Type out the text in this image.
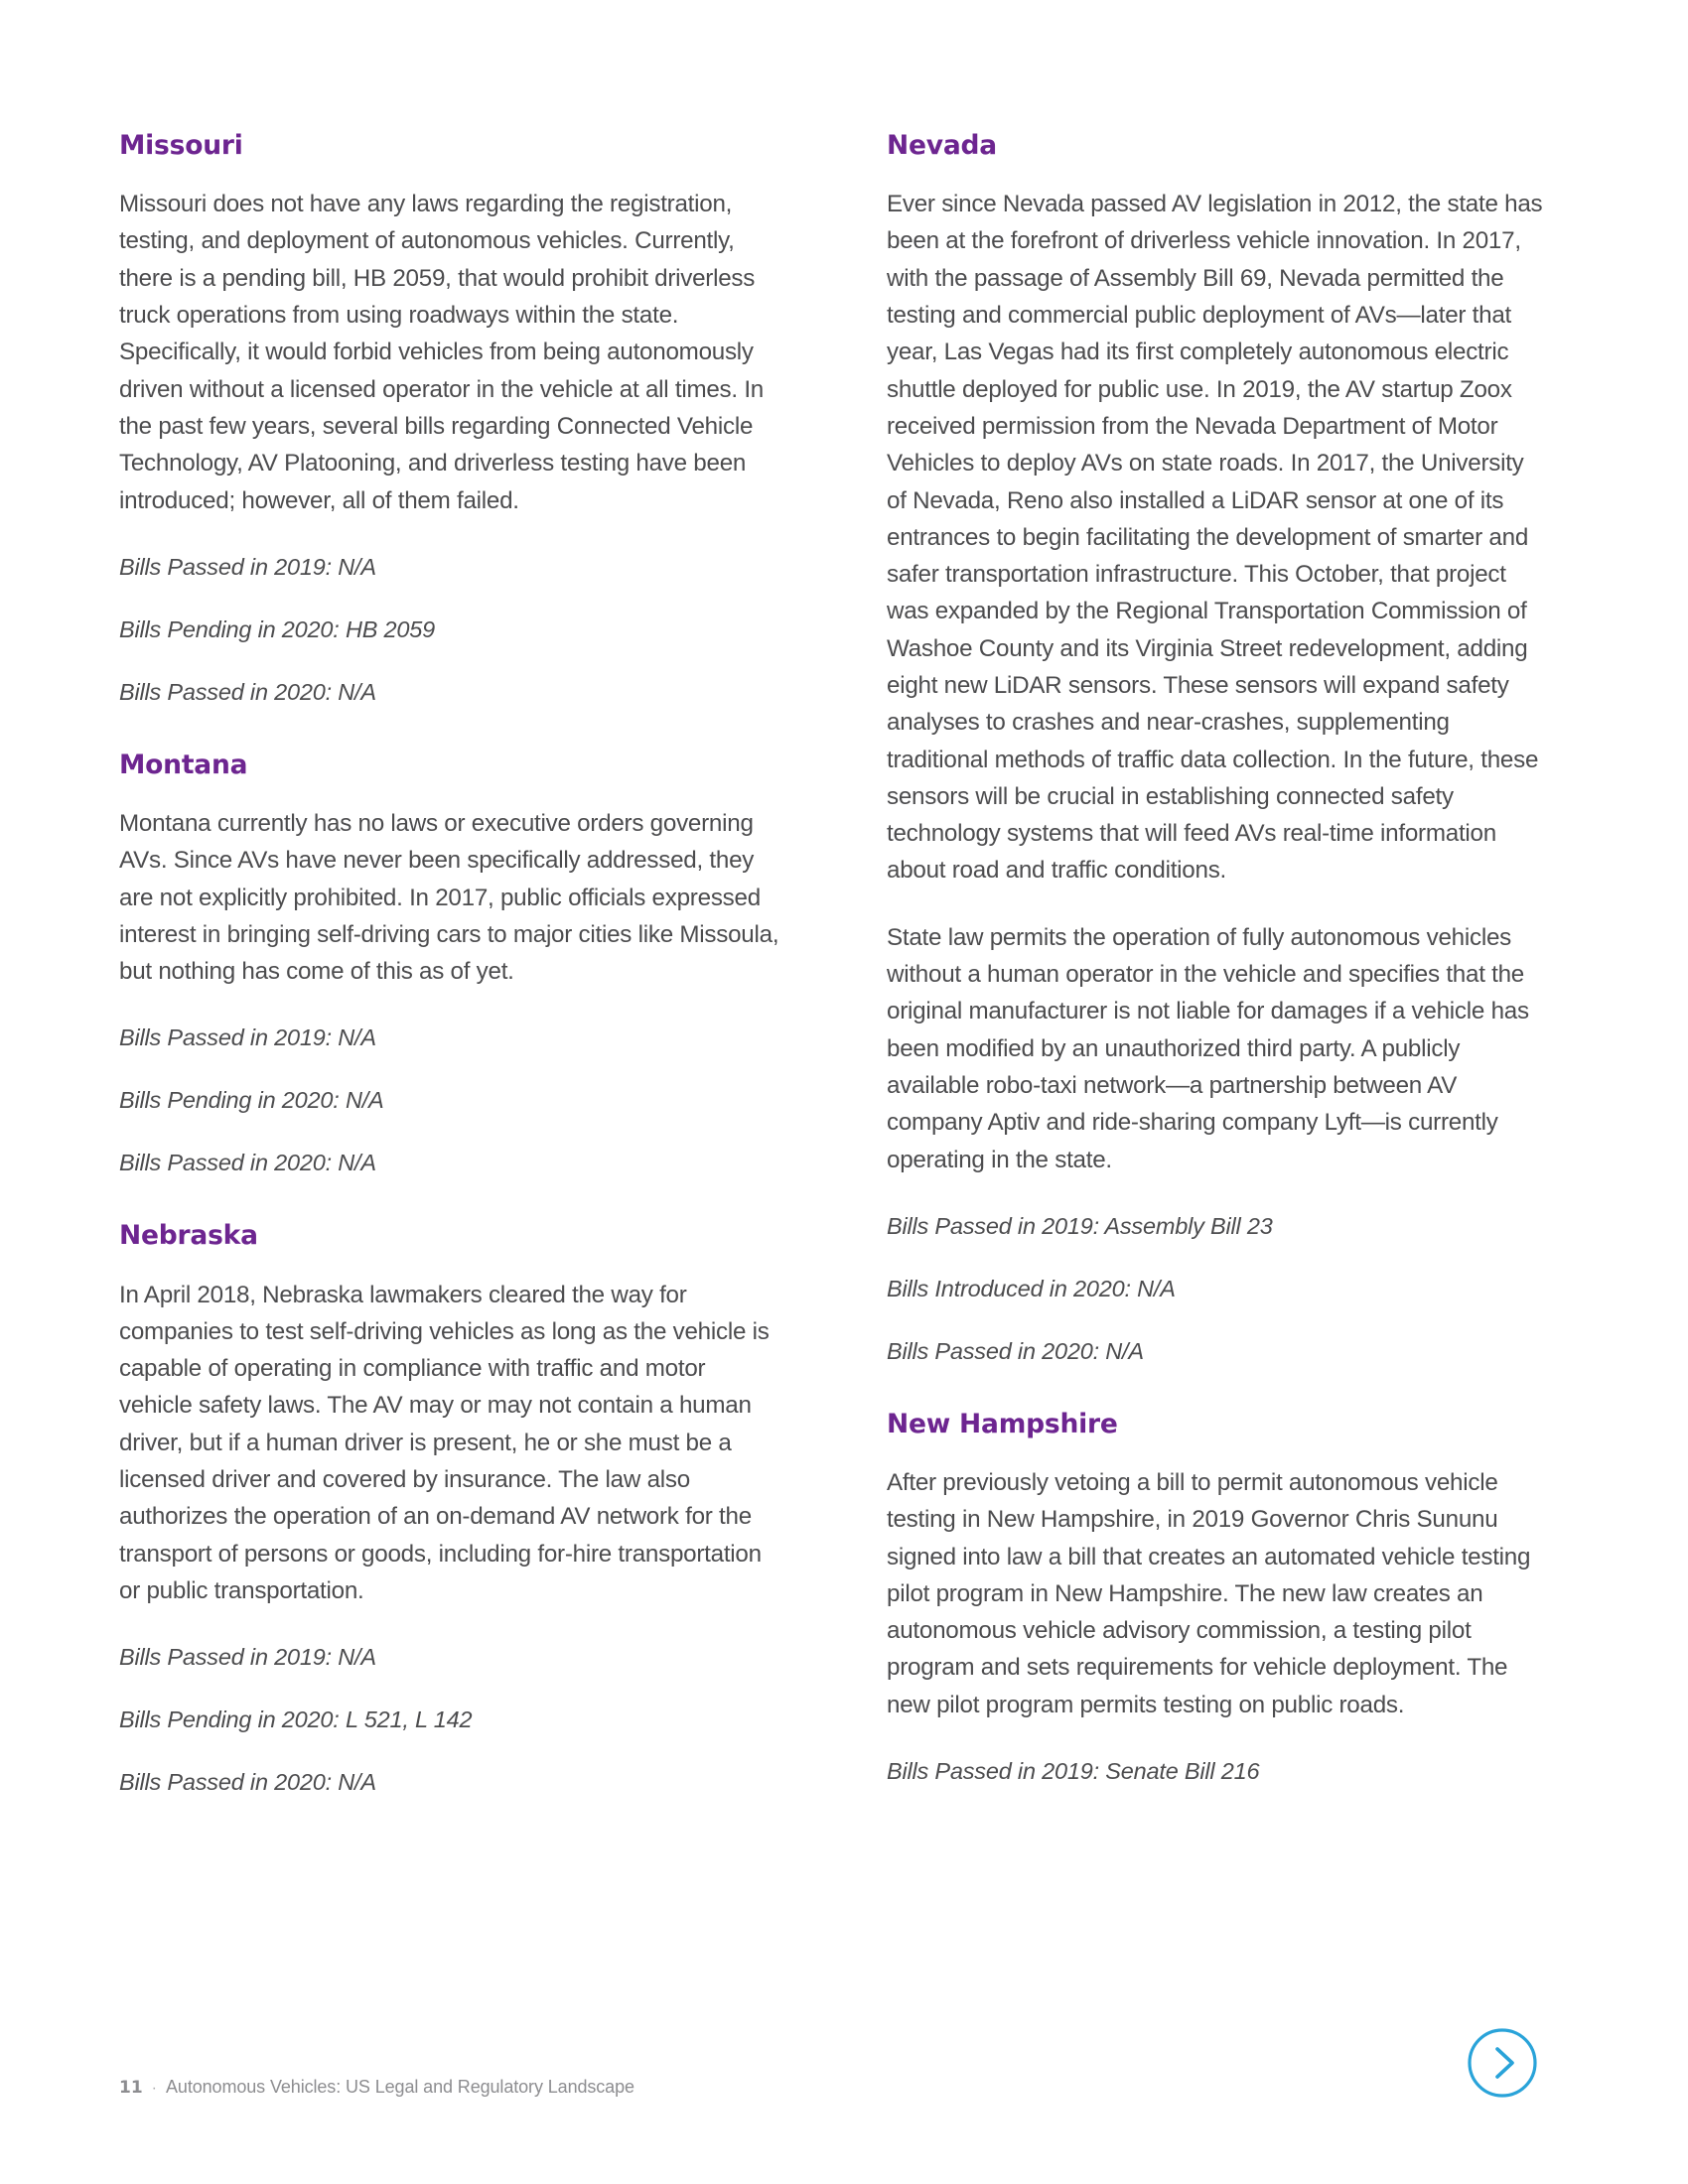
Missouri

Missouri does not have any laws regarding the registration, testing, and deployment of autonomous vehicles. Currently, there is a pending bill, HB 2059, that would prohibit driverless truck operations from using roadways within the state. Specifically, it would forbid vehicles from being autonomously driven without a licensed operator in the vehicle at all times. In the past few years, several bills regarding Connected Vehicle Technology, AV Platooning, and driverless testing have been introduced; however, all of them failed.

Bills Passed in 2019: N/A

Bills Pending in 2020: HB 2059

Bills Passed in 2020: N/A

Montana

Montana currently has no laws or executive orders governing AVs. Since AVs have never been specifically addressed, they are not explicitly prohibited. In 2017, public officials expressed interest in bringing self-driving cars to major cities like Missoula, but nothing has come of this as of yet.

Bills Passed in 2019: N/A

Bills Pending in 2020: N/A

Bills Passed in 2020: N/A

Nebraska

In April 2018, Nebraska lawmakers cleared the way for companies to test self-driving vehicles as long as the vehicle is capable of operating in compliance with traffic and motor vehicle safety laws. The AV may or may not contain a human driver, but if a human driver is present, he or she must be a licensed driver and covered by insurance. The law also authorizes the operation of an on-demand AV network for the transport of persons or goods, including for-hire transportation or public transportation.

Bills Passed in 2019: N/A

Bills Pending in 2020: L 521, L 142

Bills Passed in 2020: N/A

Nevada

Ever since Nevada passed AV legislation in 2012, the state has been at the forefront of driverless vehicle innovation. In 2017, with the passage of Assembly Bill 69, Nevada permitted the testing and commercial public deployment of AVs—later that year, Las Vegas had its first completely autonomous electric shuttle deployed for public use. In 2019, the AV startup Zoox received permission from the Nevada Department of Motor Vehicles to deploy AVs on state roads. In 2017, the University of Nevada, Reno also installed a LiDAR sensor at one of its entrances to begin facilitating the development of smarter and safer transportation infrastructure. This October, that project was expanded by the Regional Transportation Commission of Washoe County and its Virginia Street redevelopment, adding eight new LiDAR sensors. These sensors will expand safety analyses to crashes and near-crashes, supplementing traditional methods of traffic data collection. In the future, these sensors will be crucial in establishing connected safety technology systems that will feed AVs real-time information about road and traffic conditions.

State law permits the operation of fully autonomous vehicles without a human operator in the vehicle and specifies that the original manufacturer is not liable for damages if a vehicle has been modified by an unauthorized third party. A publicly available robo-taxi network—a partnership between AV company Aptiv and ride-sharing company Lyft—is currently operating in the state.

Bills Passed in 2019: Assembly Bill 23

Bills Introduced in 2020: N/A

Bills Passed in 2020: N/A

New Hampshire

After previously vetoing a bill to permit autonomous vehicle testing in New Hampshire, in 2019 Governor Chris Sununu signed into law a bill that creates an automated vehicle testing pilot program in New Hampshire. The new law creates an autonomous vehicle advisory commission, a testing pilot program and sets requirements for vehicle deployment. The new pilot program permits testing on public roads.

Bills Passed in 2019: Senate Bill 216

11 · Autonomous Vehicles: US Legal and Regulatory Landscape
